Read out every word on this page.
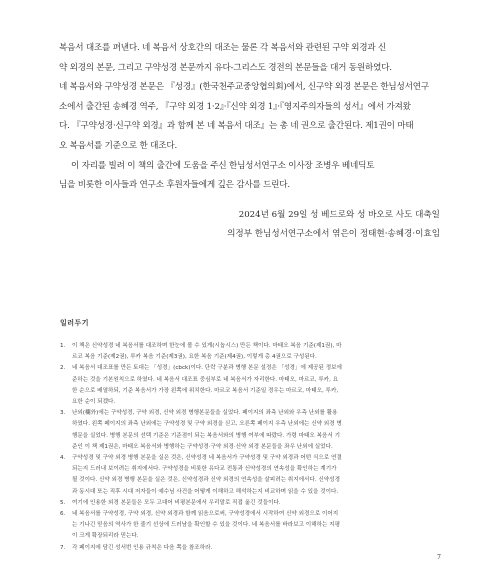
복음서 대조를 펴낸다. 네 복음서 상호간의 대조는 물론 각 복음서와 관련된 구약 외경과 신
약 외경의 본문, 그리고 구약성경 본문까지 유다-그리스도 경전의 본문들을 대거 동원하였다.
네 복음서와 구약성경 본문은 『성경』(한국천주교중앙협의회)에서, 신구약 외경 본문은 한님성서연구
소에서 출간된 송혜경 역주, 『구약 외경 1·2』·『신약 외경 1』·『영지주의자들의 성서』에서 가져왔
다. 『구약성경·신구약 외경』과 함께 본 네 복음서 대조』는 총 네 권으로 출간된다. 제1권이 마태
오 복음서를 기준으로 한 대조다.

이 자리를 빌려 이 책의 출간에 도움을 주신 한님성서연구소 이사장 조병우 베네딕토
님을 비롯한 이사들과 연구소 후원자들에게 깊은 감사를 드린다.

2024년 6월 29일 성 베드로와 성 바오로 사도 대축일
의정부 한님성서연구소에서 엮은이 정태현·송혜경·이효임
일러두기
1.	이 책은 신약성경 네 복음서를 대조하며 한눈에 볼 수 있게(시놉시스) 만든 책이다. 마태오 복음 기준(제1권), 마
르코 복음 기준(제2권), 루카 복음 기준(제3권), 요한 복음 기준(제4권), 이렇게 총 4권으로 구성된다.
2.	네 복음서 대조표를 만든 토대는 「성경」(cbck)이다. 단락 구분과 병행 본문 설정은 「성경」에 제공된 정보에
준하는 것을 기본원칙으로 하였다. 네 복음서 대조표 중심부로 네 복음서가 자리한다. 마태오, 마르코, 루카, 요
한 순으로 배열하되, 기준 복음서가 가장 왼쪽에 위치한다. 마르코 복음서 기준일 경우는 마르코, 마태오, 루카,
요한 순이 되겠다.
3.	난외(欄外)에는 구약성경, 구약 외경, 신약 외경 병행본문들을 실었다. 페이지의 좌측 난외와 우측 난외를 활용
하였다. 왼쪽 페이지의 좌측 난외에는 구약성경 및 구약 외경을 싣고, 오른쪽 페이지 우측 난외에는 신약 외경 병
행문을 실었다. 병행 본문의 선택 기준은 기준점이 되는 복음서와의 병행 여부에 따랐다. 가령 마태오 복음서 기
준인 이 책 제1권은, 마태오 복음서와 병행하는 구약성경·구약 외경·신약 외경 본문들을 좌우 난외에 실었다.
4.	구약성경 및 구약 외경 병행 본문을 실은 것은, 신약성경 네 복음서가 구약성경 및 구약 외경과 어떤 식으로 연결
되는지 드러내 보이려는 취지에서다. 구약성경을 비롯한 유다교 전통과 신약성경의 연속성을 확인하는 계기가
될 것이다. 신약 외경 병행 본문을 실은 것은, 신약성경과 신약 외경의 연속성을 살피려는 취지에서다. 신약성경
과 동시대 또는 직후 시대 저자들이 예수님 사건을 어떻게 이해하고 해석하는지 비교하며 읽을 수 있을 것이다.
5.	여기에 인용한 외경 본문들은 모두 고대어 비평본문에서 우리말로 직접 옮긴 것들이다.
6.	네 복음서를 구약성경, 구약 외경, 신약 외경과 함께 읽음으로써, 구약성경에서 시작하여 신약 외경으로 이어지
는 기나긴 믿음의 역사가 한 줄기 선상에 드러남을 확인할 수 있을 것이다. 네 복음서를 바라보고 이해하는 지평
이 크게 확장되리라 믿는다.
7.	각 페이지에 담긴 성서번 인용 규칙은 다음 쪽을 참조하라.
7
